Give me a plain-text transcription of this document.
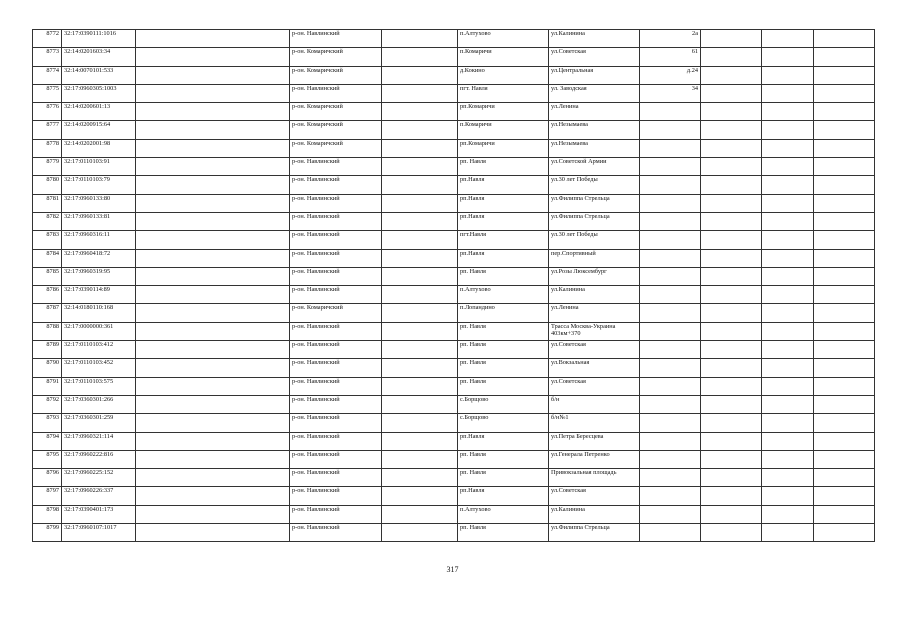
8772	32:17:0390111:1016		р-он. Навлинский		п.Алтухово	ул.Калинина	2а			
8773	32:14:0201603:34		р-он. Комаричский		п.Комаричи	ул.Советская	61			
8774	32:14:0070101:533		р-он. Комаричский		д.Кокино	ул.Центральная	д.24			
8775	32:17:0960305:1003		р-он. Навлинский		пгт. Навля	ул. Заводская	34			
8776	32:14:0200601:13		р-он. Комаричский		рп.Комаричи	ул.Ленина				
8777	32:14:0200915:64		р-он. Комаричский		п.Комаричи	ул.Незымаева				
8778	32:14:0202001:98		р-он. Комаричский		рп.Комаричи	ул.Незымаева				
8779	32:17:0110103:91		р-он. Навлинский		рп. Навля	ул.Советской Армии				
8780	32:17:0110103:79		р-он. Навлинский		рп.Навля	ул.30 лет Победы				
8781	32:17:0960133:80		р-он. Навлинский		рп.Навля	ул.Филиппа Стрельца				
8782	32:17:0960133:81		р-он. Навлинский		рп.Навля	ул.Филиппа Стрельца				
8783	32:17:0960316:11		р-он. Навлинский		пгт.Навля	ул.30 лет Победы				
8784	32:17:0960418:72		р-он. Навлинский		рп.Навля	пер.Спортивный				
8785	32:17:0960319:95		р-он. Навлинский		рп. Навля	ул.Розы Люксембург				
8786	32:17:0390114:89		р-он. Навлинский		п.Алтухово	ул.Калинина				
8787	32:14:0180110:168		р-он. Комаричский		п.Лопандино	ул.Ленина				
8788	32:17:0000000:361		р-он. Навлинский		рп. Навля	Трасса Москва-Украина 403км+370				
8789	32:17:0110103:412		р-он. Навлинский		рп. Навля	ул.Советская				
8790	32:17:0110103:452		р-он. Навлинский		рп. Навля	ул.Вокзальная				
8791	32:17:0110103:575		р-он. Навлинский		рп. Навля	ул.Советская				
8792	32:17:0360301:266		р-он. Навлинский		с.Борщово	б/н				
8793	32:17:0360301:259		р-он. Навлинский		с.Борщово	б/н№1				
8794	32:17:0960321:114		р-он. Навлинский		рп.Навля	ул.Петра Бересцева				
8795	32:17:0960222:816		р-он. Навлинский		рп. Навля	ул.Генерала Петренко				
8796	32:17:0960225:152		р-он. Навлинский		рп. Навля	Привокзальная площадь				
8797	32:17:0960226:337		р-он. Навлинский		рп.Навля	ул.Советская				
8798	32:17:0390401:173		р-он. Навлинский		п.Алтухово	ул.Калинина				
8799	32:17:0960107:1017		р-он. Навлинский		рп. Навля	ул.Филиппа Стрельца				
317
